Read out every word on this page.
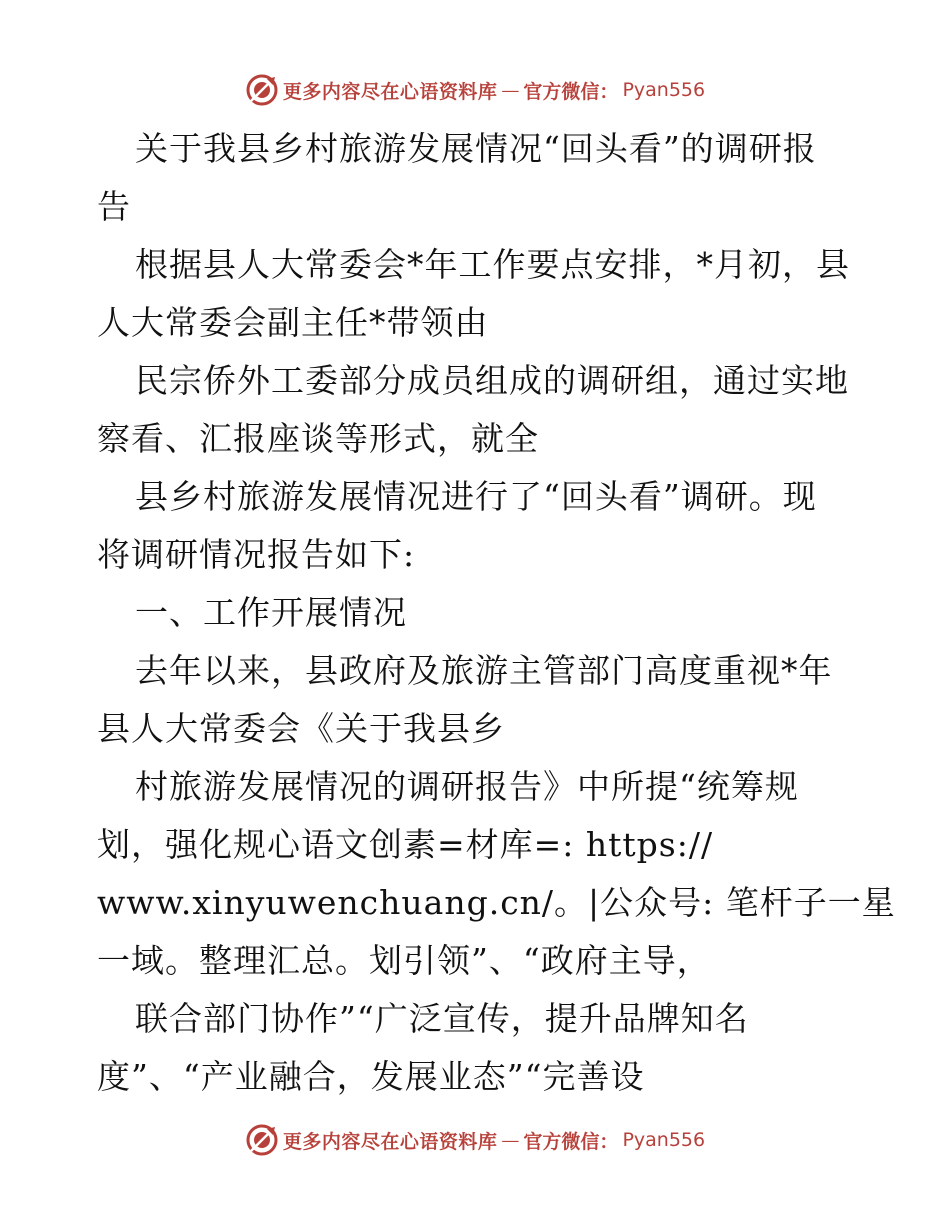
更多内容尽在心语资料库 — 官方微信： Pyan556
关于我县乡村旅游发展情况“回头看”的调研报
告
根据县人大常委会*年工作要点安排，*月初，县
人大常委会副主任*带领由
民宗侨外工委部分成员组成的调研组，通过实地
察看、汇报座谈等形式，就全
县乡村旅游发展情况进行了“回头看”调研。现
将调研情况报告如下:
一、工作开展情况
去年以来，县政府及旅游主管部门高度重视*年
县人大常委会《关于我县乡
村旅游发展情况的调研报告》中所提“统筹规
划，强化规心语文创素=材库=: https://
www.xinyuwenchuang.cn/。|公众号: 笔杆子一星
一域。整理汇总。划引领”、“政府主导，
联合部门协作”“广泛宣传，提升品牌知名
度”、“产业融合，发展业态”“完善设
更多内容尽在心语资料库 — 官方微信： Pyan556
